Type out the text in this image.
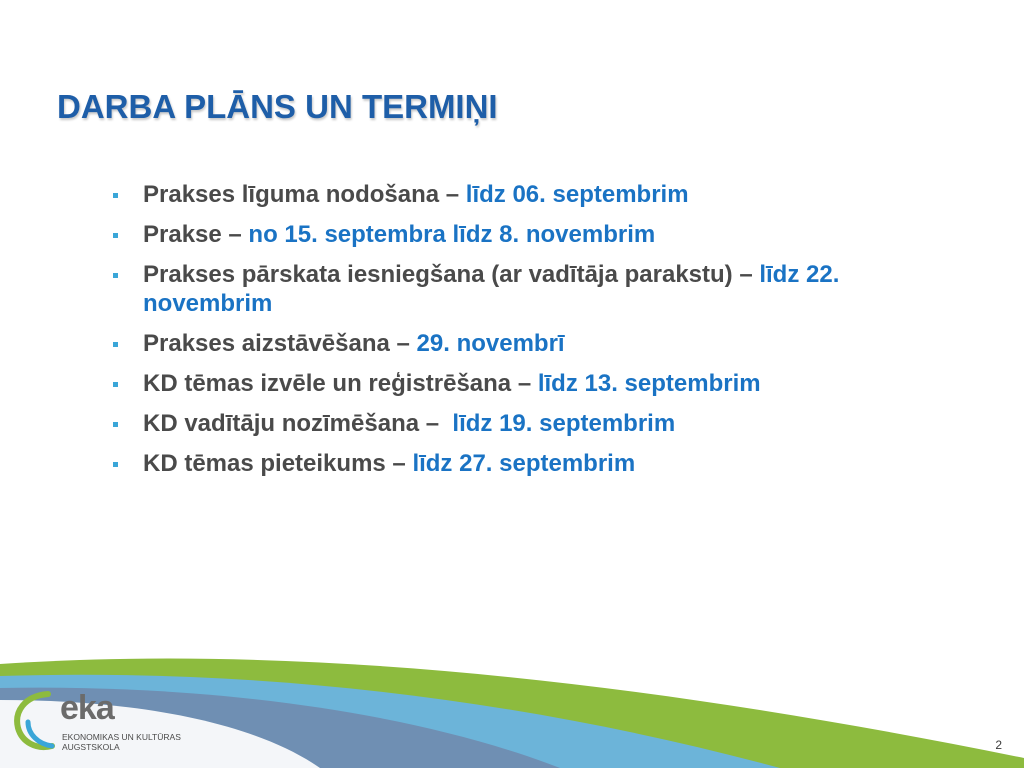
DARBA PLĀNS UN TERMIŅI
Prakses līguma nodošana – līdz 06. septembrim
Prakse – no 15. septembra līdz 8. novembrim
Prakses pārskata iesniegšana (ar vadītāja parakstu) – līdz 22. novembrim
Prakses aizstāvēšana – 29. novembrī
KD tēmas izvēle un reģistrēšana – līdz 13. septembrim
KD vadītāju nozīmēšana –  līdz 19. septembrim
KD tēmas pieteikums – līdz 27. septembrim
eka
EKONOMIKAS UN KULTŪRAS
AUGSTSKOLA	2
